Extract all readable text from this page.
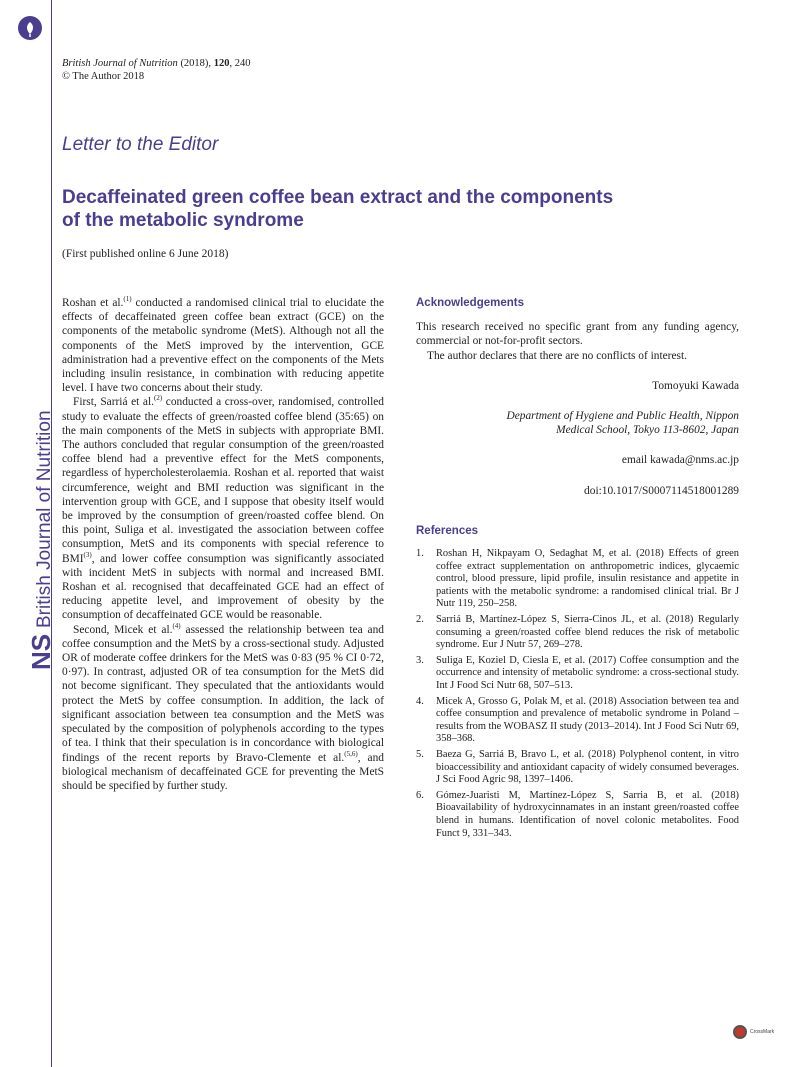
NS
British Journal of Nutrition
British Journal of Nutrition (2018), 120, 240
© The Author 2018
Letter to the Editor
Decaffeinated green coffee bean extract and the components of the metabolic syndrome
(First published online 6 June 2018)

Roshan et al.$^{(1)}$ conducted a randomised clinical trial to elucidate the effects of decaffeinated green coffee bean extract (GCE) on the components of the metabolic syndrome (MetS). Although not all the components of the MetS improved by the intervention, GCE administration had a preventive effect on the components of the Mets including insulin resistance, in combination with reducing appetite level. I have two concerns about their study.

First, Sarriá et al.$^{(2)}$ conducted a cross-over, randomised, controlled study to evaluate the effects of green/roasted coffee blend (35:65) on the main components of the MetS in subjects with appropriate BMI. The authors concluded that regular consumption of the green/roasted coffee blend had a preventive effect for the MetS components, regardless of hypercholesterolaemia. Roshan et al. reported that waist circumference, weight and BMI reduction was significant in the intervention group with GCE, and I suppose that obesity itself would be improved by the consumption of green/roasted coffee blend. On this point, Suliga et al. investigated the association between coffee consumption, MetS and its components with special reference to BMI$^{(3)}$, and lower coffee consumption was significantly associated with incident MetS in subjects with normal and increased BMI. Roshan et al. recognised that decaffeinated GCE had an effect of reducing appetite level, and improvement of obesity by the consumption of decaffeinated GCE would be reasonable.

Second, Micek et al.$^{(4)}$ assessed the relationship between tea and coffee consumption and the MetS by a cross-sectional study. Adjusted OR of moderate coffee drinkers for the MetS was 0·83 (95 % CI 0·72, 0·97). In contrast, adjusted OR of tea consumption for the MetS did not become significant. They speculated that the antioxidants would protect the MetS by coffee consumption. In addition, the lack of significant association between tea consumption and the MetS was speculated by the composition of polyphenols according to the types of tea. I think that their speculation is in concordance with biological findings of the recent reports by Bravo-Clemente et al.$^{(5,6)}$, and biological mechanism of decaffeinated GCE for preventing the MetS should be specified by further study.

Acknowledgements

This research received no specific grant from any funding agency, commercial or not-for-profit sectors.

The author declares that there are no conflicts of interest.

Tomoyuki Kawada
Department of Hygiene and Public Health, Nippon
Medical School, Tokyo 113-8602, Japan
email kawada@nms.ac.jp
doi:10.1017/S0007114518001289
References
1. Roshan H, Nikpayam O, Sedaghat M, et al. (2018) Effects of green coffee extract supplementation on anthropometric indices, glycaemic control, blood pressure, lipid profile, insulin resistance and appetite in patients with the metabolic syndrome: a randomised clinical trial. Br J Nutr 119, 250–258.
2. Sarriá B, Martínez-López S, Sierra-Cinos JL, et al. (2018) Regularly consuming a green/roasted coffee blend reduces the risk of metabolic syndrome. Eur J Nutr 57, 269–278.
3. Suliga E, Koziel D, Ciesla E, et al. (2017) Coffee consumption and the occurrence and intensity of metabolic syndrome: a cross-sectional study. Int J Food Sci Nutr 68, 507–513.
4. Micek A, Grosso G, Polak M, et al. (2018) Association between tea and coffee consumption and prevalence of metabolic syndrome in Poland – results from the WOBASZ II study (2013–2014). Int J Food Sci Nutr 69, 358–368.
5. Baeza G, Sarriá B, Bravo L, et al. (2018) Polyphenol content, in vitro bioaccessibility and antioxidant capacity of widely consumed beverages. J Sci Food Agric 98, 1397–1406.
6. Gómez-Juaristi M, Martínez-López S, Sarria B, et al. (2018) Bioavailability of hydroxycinnamates in an instant green/roasted coffee blend in humans. Identification of novel colonic metabolites. Food Funct 9, 331–343.
CrossMark
